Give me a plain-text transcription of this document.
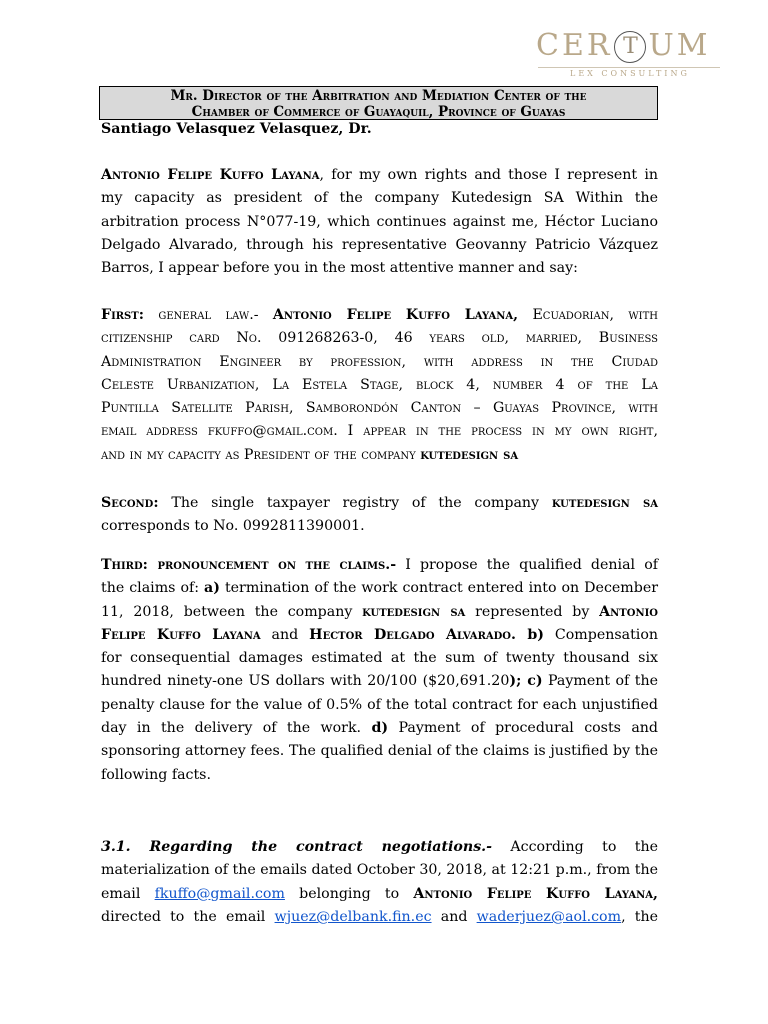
CER T UM
LEX CONSULTING
Mr. Director of the Arbitration and Mediation Center of the
Chamber of Commerce of Guayaquil, Province of Guayas
Santiago Velasquez Velasquez, Dr.
Antonio Felipe Kuffo Layana, for my own rights and those I represent in
my capacity as president of the company Kutedesign SA Within the
arbitration process N°077-19, which continues against me, Héctor Luciano
Delgado Alvarado, through his representative Geovanny Patricio Vázquez
Barros, I appear before you in the most attentive manner and say:
First: general law.- Antonio Felipe Kuffo Layana, Ecuadorian, with
citizenship card No. 091268263-0, 46 years old, married, Business
Administration Engineer by profession, with address in the Ciudad
Celeste Urbanization, La Estela Stage, block 4, number 4 of the La
Puntilla Satellite Parish, Samborondón Canton – Guayas Province, with
email address fkuffo@gmail.com. I appear in the process in my own right,
and in my capacity as President of the company kutedesign sa
Second: The single taxpayer registry of the company kutedesign sa
corresponds to No. 0992811390001.
Third: pronouncement on the claims.- I propose the qualified denial of
the claims of: a) termination of the work contract entered into on December
11, 2018, between the company kutedesign sa represented by Antonio
Felipe Kuffo Layana and Hector Delgado Alvarado. b) Compensation
for consequential damages estimated at the sum of twenty thousand six
hundred ninety-one US dollars with 20/100 ($20,691.20); c) Payment of the
penalty clause for the value of 0.5% of the total contract for each unjustified
day in the delivery of the work. d) Payment of procedural costs and
sponsoring attorney fees. The qualified denial of the claims is justified by the
following facts.
3.1. Regarding the contract negotiations.- According to the
materialization of the emails dated October 30, 2018, at 12:21 p.m., from the
email fkuffo@gmail.com belonging to Antonio Felipe Kuffo Layana,
directed to the email wjuez@delbank.fin.ec and waderjuez@aol.com, the
